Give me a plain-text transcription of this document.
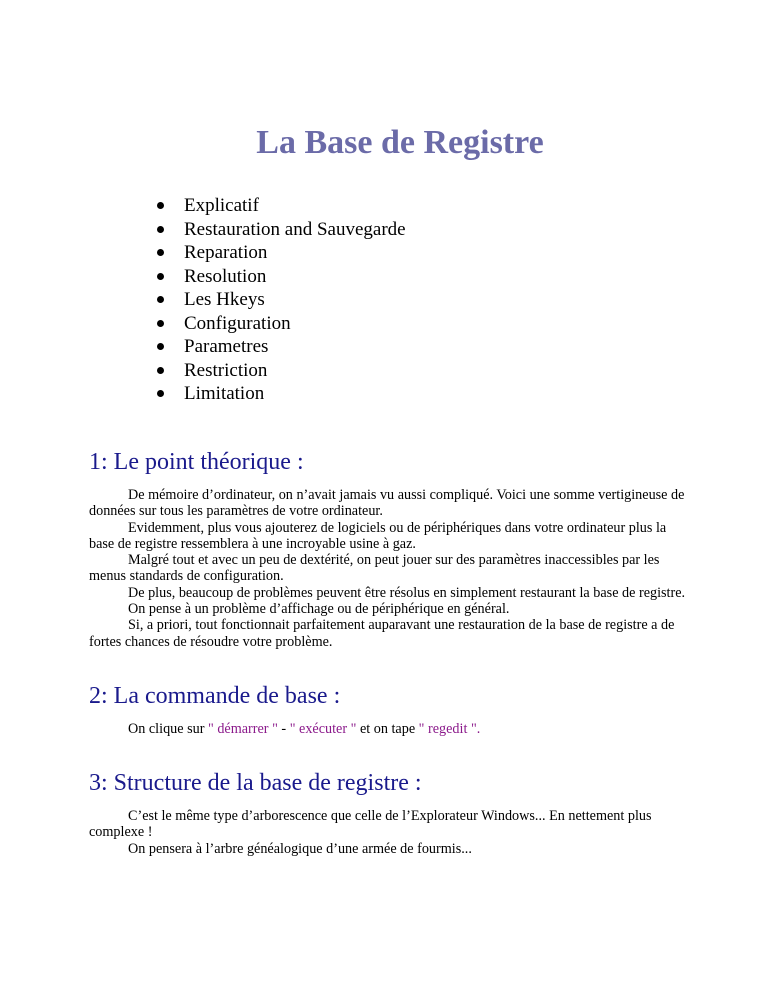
La Base de Registre
Explicatif
Restauration and Sauvegarde
Reparation
Resolution
Les Hkeys
Configuration
Parametres
Restriction
Limitation
1: Le point théorique :

De mémoire d’ordinateur, on n’avait jamais vu aussi compliqué. Voici une somme vertigineuse de données sur tous les paramètres de votre ordinateur.

Evidemment, plus vous ajouterez de logiciels ou de périphériques dans votre ordinateur plus la base de registre ressemblera à une incroyable usine à gaz.

Malgré tout et avec un peu de dextérité, on peut jouer sur des paramètres inaccessibles par les menus standards de configuration.

De plus, beaucoup de problèmes peuvent être résolus en simplement restaurant la base de registre.

On pense à un problème d’affichage ou de périphérique en général.

Si, a priori, tout fonctionnait parfaitement auparavant une restauration de la base de registre a de fortes chances de résoudre votre problème.

2: La commande de base :

On clique sur " démarrer " - " exécuter " et on tape " regedit ".

3: Structure de la base de registre :

C’est le même type d’arborescence que celle de l’Explorateur Windows... En nettement plus complexe !

On pensera à l’arbre généalogique d’une armée de fourmis...
